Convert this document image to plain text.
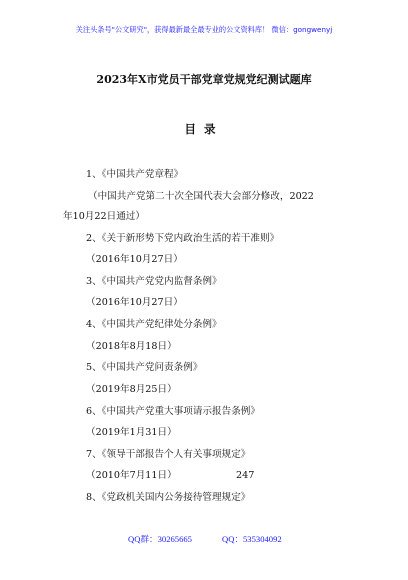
关注头条号"公文研究"，获得最新最全最专业的公文资料库！ 微信：gongwenyj
2023年X市党员干部党章党规党纪测试题库
目录
1、《中国共产党章程》
（中国共产党第二十次全国代表大会部分修改，2022
年10月22日通过）
2、《关于新形势下党内政治生活的若干准则》
（2016年10月27日）
3、《中国共产党党内监督条例》
（2016年10月27日）
4、《中国共产党纪律处分条例》
（2018年8月18日）
5、《中国共产党问责条例》
（2019年8月25日）
6、《中国共产党重大事项请示报告条例》
（2019年1月31日）
7、《领导干部报告个人有关事项规定》
（2010年7月11日）	247
8、《党政机关国内公务接待管理规定》
QQ群：30265665	QQ：535304092
